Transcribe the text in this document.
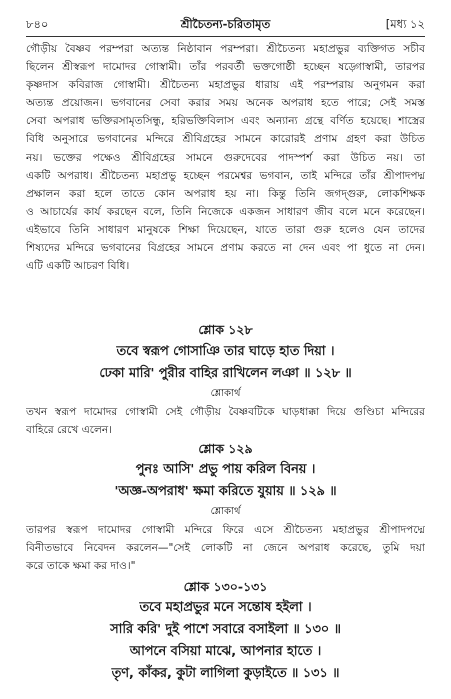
৮৪০	শ্রীচৈতন্য-চরিতামৃত	[মধ্য ১২
গৌড়ীয় বৈষ্ণব পরম্পরা অত্যন্ত নিষ্ঠাবান পরম্পরা। শ্রীচৈতন্য মহাপ্রভুর ব্যক্তিগত সচীব
ছিলেন শ্রীস্বরূপ দামোদর গোস্বামী। তাঁর পরবর্তী ভক্তগোষ্ঠী হচ্ছেন ষড়্গোস্বামী, তারপর
কৃষ্ণদাস কবিরাজ গোস্বামী। শ্রীচৈতন্য মহাপ্রভুর ধারায় এই পরম্পরায় অনুগমন করা
অত্যন্ত প্রয়োজন। ভগবানের সেবা করার সময় অনেক অপরাধ হতে পারে; সেই সমস্ত
সেবা অপরাধ ভক্তিরসামৃতসিন্ধু, হরিভক্তিবিলাস এবং অন্যান্য গ্রন্থে বর্ণিত হয়েছে। শাস্ত্রের
বিধি অনুসারে ভগবানের মন্দিরে শ্রীবিগ্রহের সামনে কারোরই প্রণাম গ্রহণ করা উচিত
নয়। ভক্তের পক্ষেও শ্রীবিগ্রহের সামনে গুরুদেবের পাদস্পর্শ করা উচিত নয়। তা
একটি অপরাধ। শ্রীচৈতন্য মহাপ্রভু হচ্ছেন পরমেশ্বর ভগবান, তাই মন্দিরে তাঁর শ্রীপাদপদ্ম
প্রক্ষালন করা হলে তাতে কোন অপরাধ হয় না। কিন্তু তিনি জগদ্গুরু, লোকশিক্ষক
ও আচার্যের কার্য করছেন বলে, তিনি নিজেকে একজন সাধারণ জীব বলে মনে করেছেন।
এইভাবে তিনি সাধারণ মানুষকে শিক্ষা দিয়েছেন, যাতে তারা গুরু হলেও যেন তাদের
শিষ্যদের মন্দিরে ভগবানের বিগ্রহের সামনে প্রণাম করতে না দেন এবং পা ধুতে না দেন।
এটি একটি আচরণ বিধি।
শ্লোক ১২৮
তবে স্বরূপ গোসাঞি তার ঘাড়ে হাত দিয়া ।
ঢেকা মারি' পুরীর বাহির রাখিলেন লঞা ॥ ১২৮ ॥
শ্লোকার্থ
তখন স্বরূপ দামোদর গোস্বামী সেই গৌড়ীয় বৈষ্ণবটিকে ঘাড়ধাক্কা দিয়ে গুণ্ডিচা মন্দিরের
বাহিরে রেখে এলেন।
শ্লোক ১২৯
পুনঃ আসি' প্রভু পায় করিল বিনয় ।
'অজ্ঞ-অপরাধ' ক্ষমা করিতে যুয়ায় ॥ ১২৯ ॥
শ্লোকার্থ
তারপর স্বরূপ দামোদর গোস্বামী মন্দিরে ফিরে এসে শ্রীচৈতন্য মহাপ্রভুর শ্রীপাদপদ্মে
বিনীতভাবে নিবেদন করলেন—"সেই লোকটি না জেনে অপরাধ করেছে, তুমি দয়া
করে তাকে ক্ষমা কর দাও।"
শ্লোক ১৩০-১৩১
তবে মহাপ্রভুর মনে সন্তোষ হইলা ।
সারি করি' দুই পাশে সবারে বসাইলা ॥ ১৩০ ॥
আপনে বসিয়া মাঝে, আপনার হাতে ।
তৃণ, কাঁকর, কুটা লাগিলা কুড়াইতে ॥ ১৩১ ॥
